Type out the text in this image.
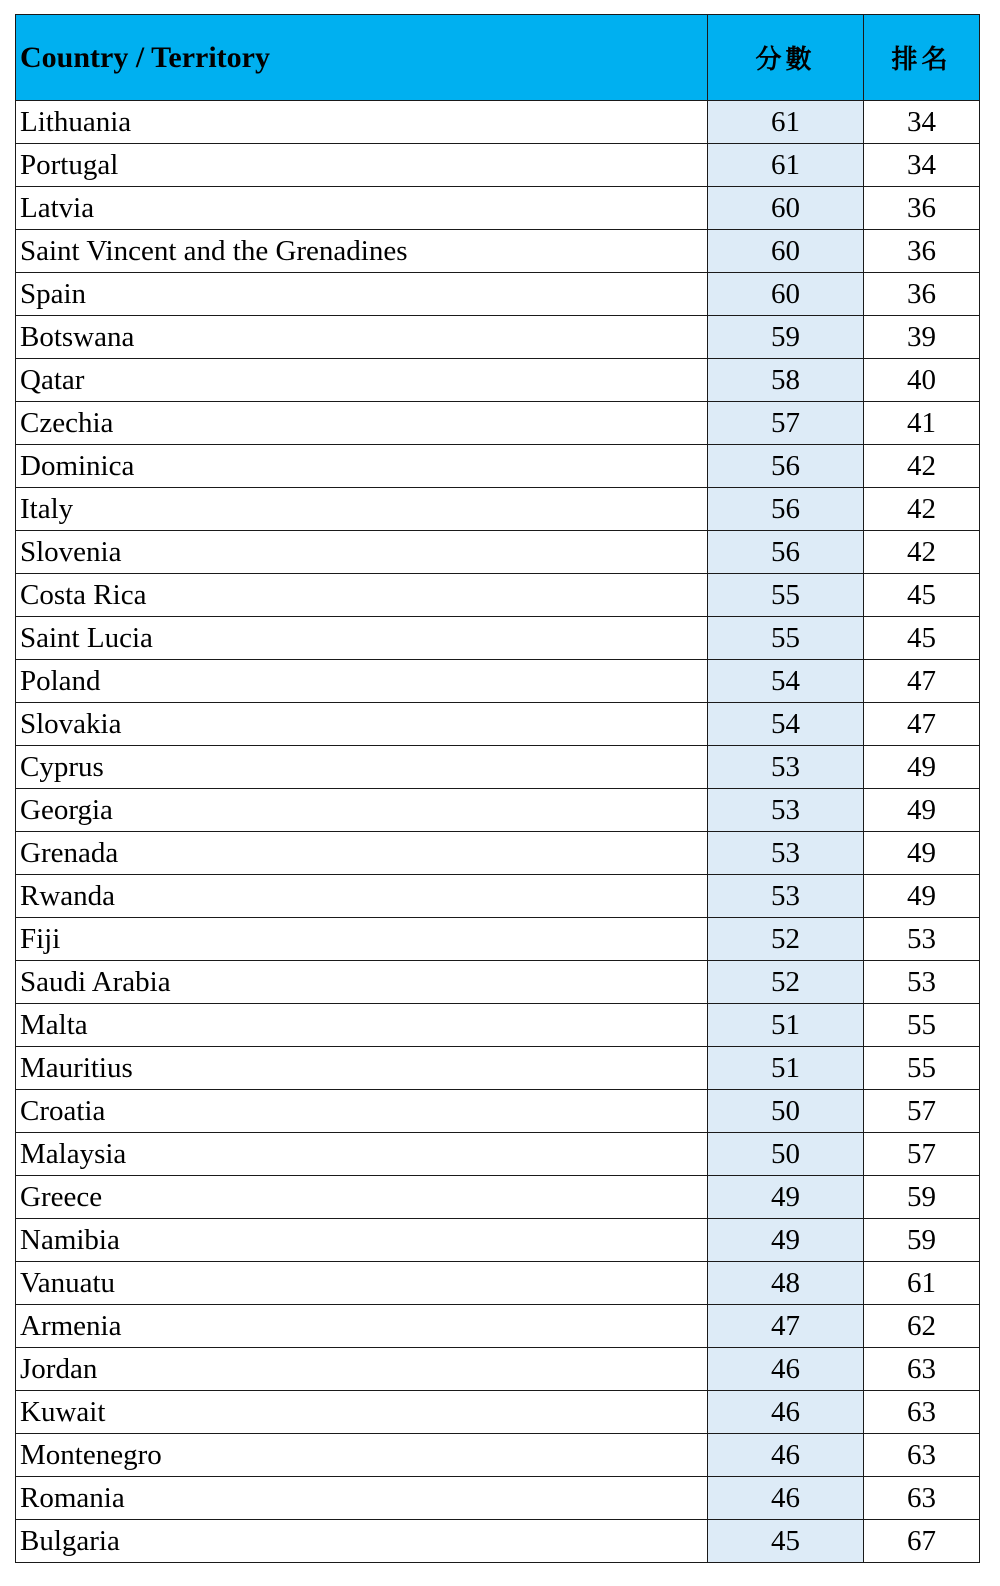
Country / Territory	分數	排名
Lithuania	61	34
Portugal	61	34
Latvia	60	36
Saint Vincent and the Grenadines	60	36
Spain	60	36
Botswana	59	39
Qatar	58	40
Czechia	57	41
Dominica	56	42
Italy	56	42
Slovenia	56	42
Costa Rica	55	45
Saint Lucia	55	45
Poland	54	47
Slovakia	54	47
Cyprus	53	49
Georgia	53	49
Grenada	53	49
Rwanda	53	49
Fiji	52	53
Saudi Arabia	52	53
Malta	51	55
Mauritius	51	55
Croatia	50	57
Malaysia	50	57
Greece	49	59
Namibia	49	59
Vanuatu	48	61
Armenia	47	62
Jordan	46	63
Kuwait	46	63
Montenegro	46	63
Romania	46	63
Bulgaria	45	67
